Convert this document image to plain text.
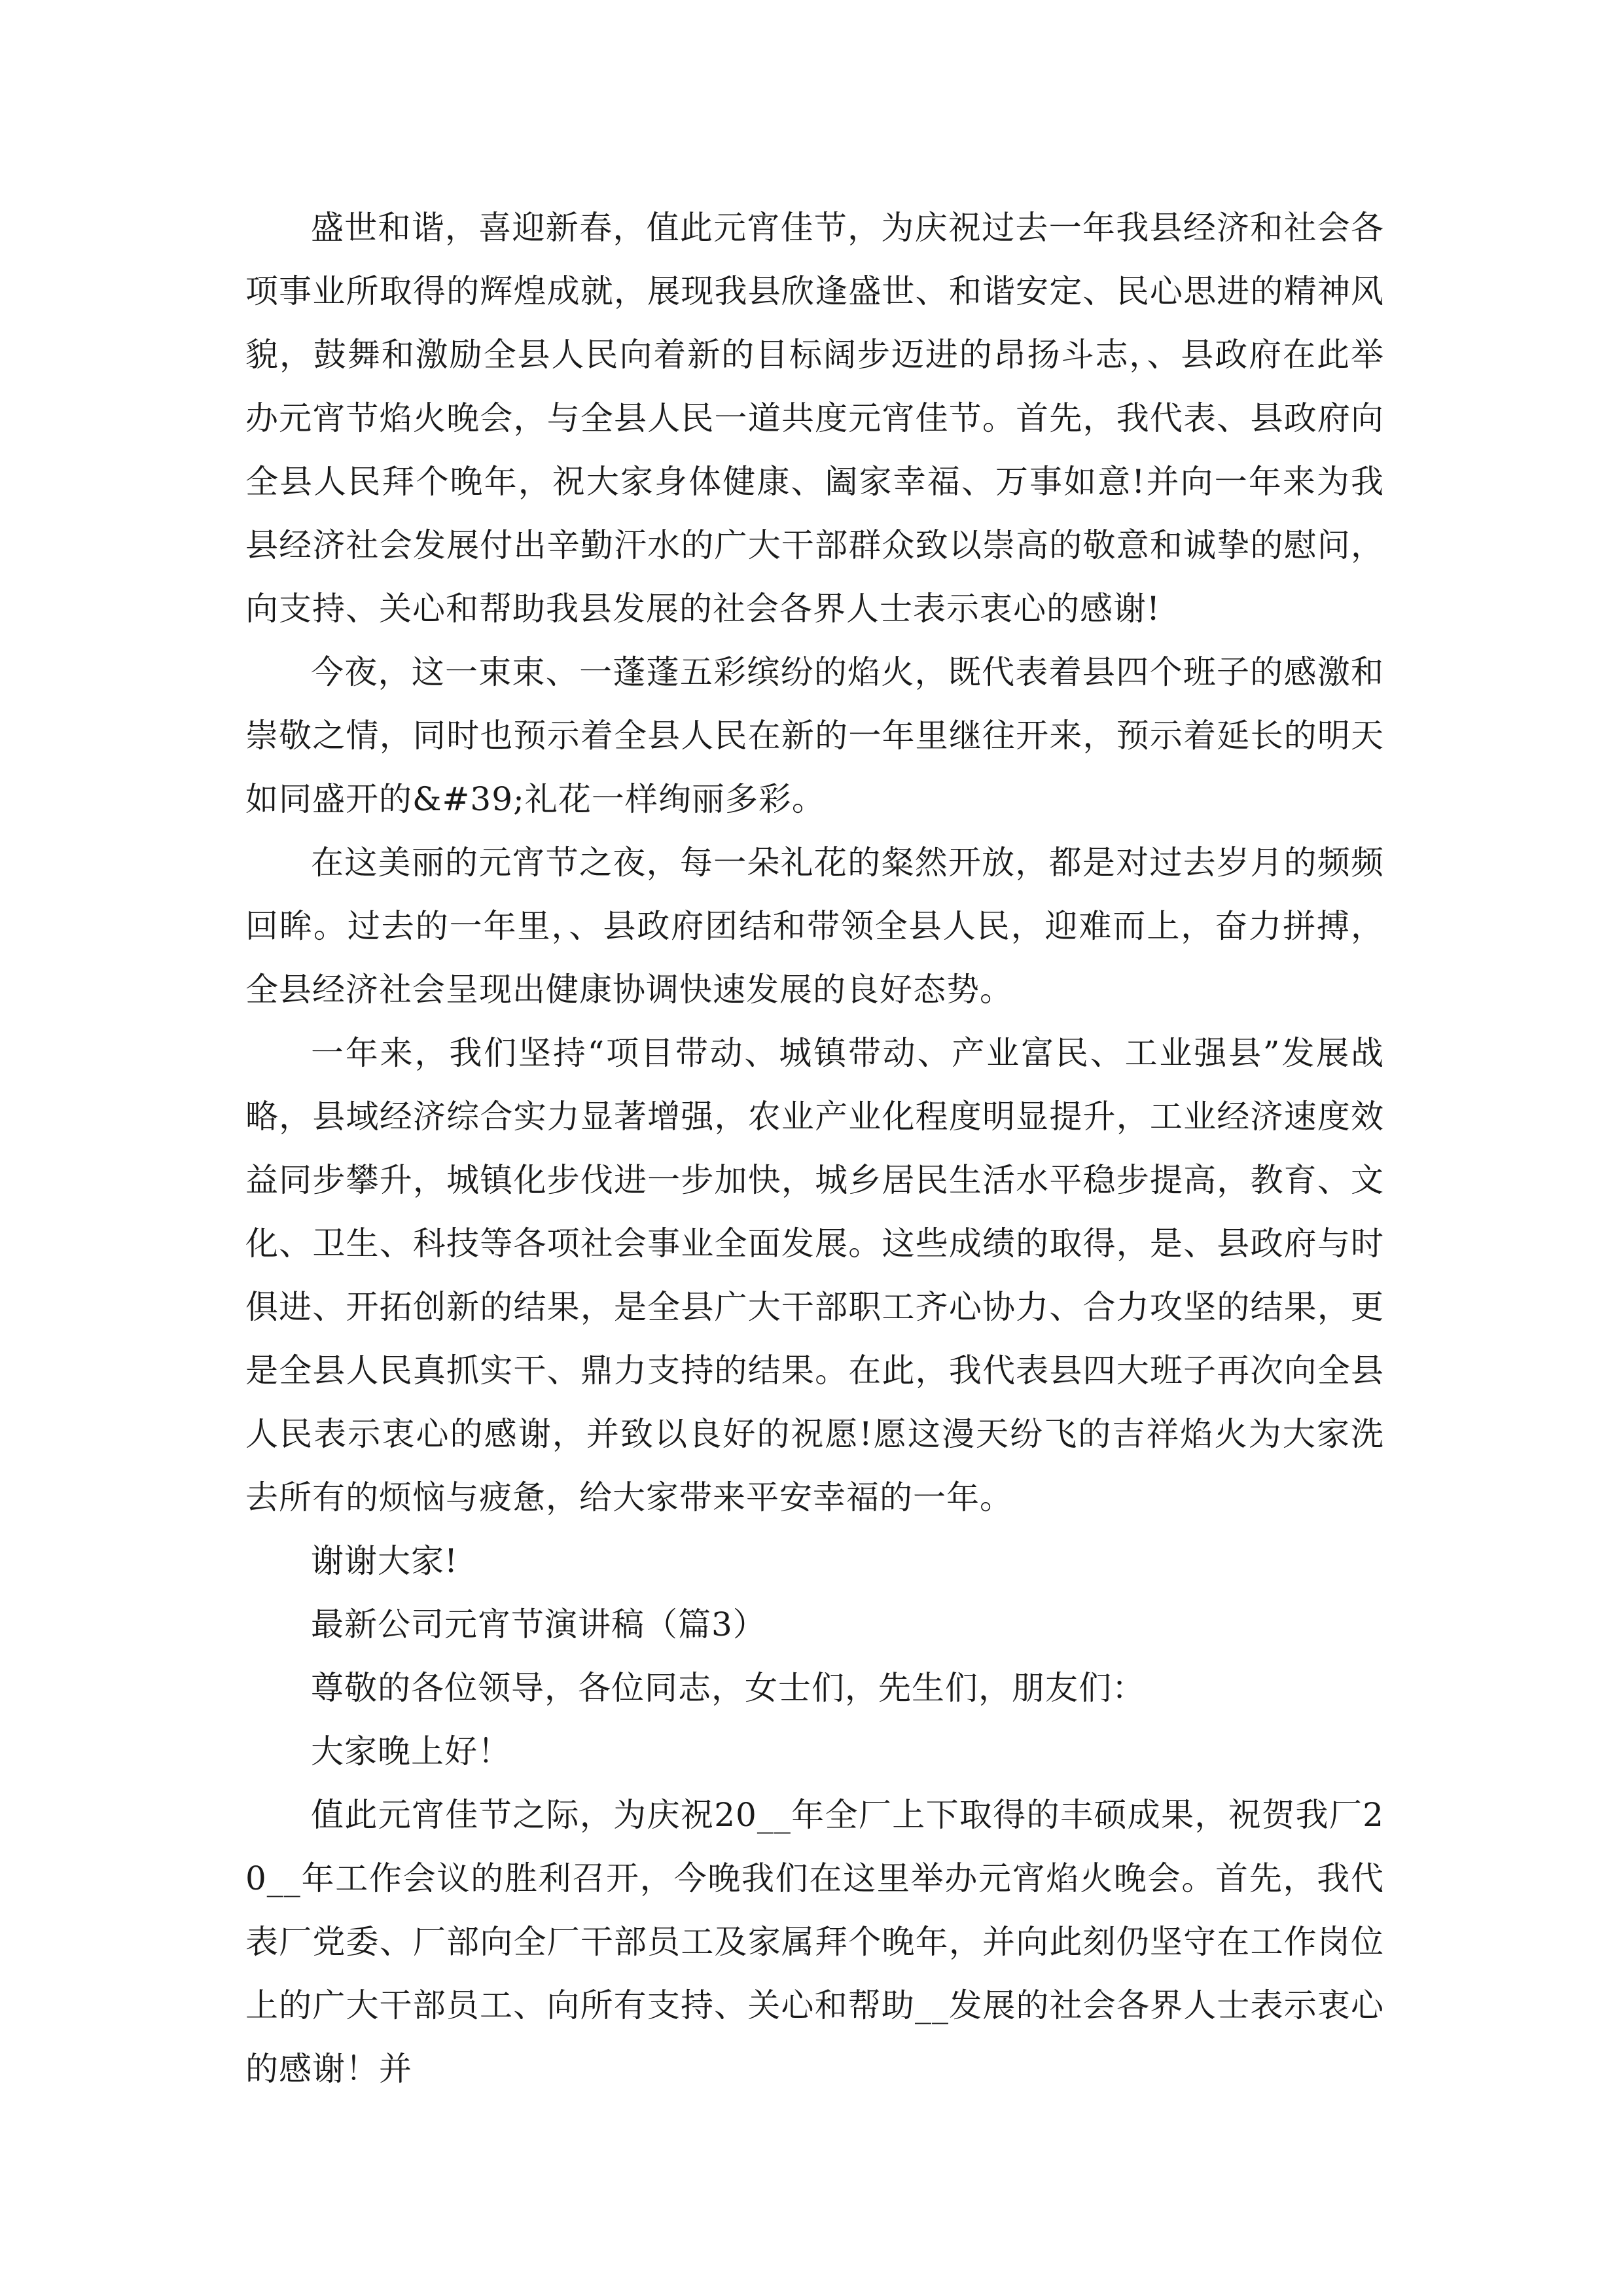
盛世和谐，喜迎新春，值此元宵佳节，为庆祝过去一年我县经济和社会各项事业所取得的辉煌成就，展现我县欣逢盛世、和谐安定、民心思进的精神风貌，鼓舞和激励全县人民向着新的目标阔步迈进的昂扬斗志，、县政府在此举办元宵节焰火晚会，与全县人民一道共度元宵佳节。首先，我代表、县政府向全县人民拜个晚年，祝大家身体健康、阖家幸福、万事如意!并向一年来为我县经济社会发展付出辛勤汗水的广大干部群众致以崇高的敬意和诚挚的慰问，向支持、关心和帮助我县发展的社会各界人士表示衷心的感谢!

今夜，这一束束、一蓬蓬五彩缤纷的焰火，既代表着县四个班子的感激和崇敬之情，同时也预示着全县人民在新的一年里继往开来，预示着延长的明天如同盛开的&#39;礼花一样绚丽多彩。

在这美丽的元宵节之夜，每一朵礼花的粲然开放，都是对过去岁月的频频回眸。过去的一年里，、县政府团结和带领全县人民，迎难而上，奋力拼搏，全县经济社会呈现出健康协调快速发展的良好态势。

一年来，我们坚持“项目带动、城镇带动、产业富民、工业强县”发展战略，县域经济综合实力显著增强，农业产业化程度明显提升，工业经济速度效益同步攀升，城镇化步伐进一步加快，城乡居民生活水平稳步提高，教育、文化、卫生、科技等各项社会事业全面发展。这些成绩的取得，是、县政府与时俱进、开拓创新的结果，是全县广大干部职工齐心协力、合力攻坚的结果，更是全县人民真抓实干、鼎力支持的结果。在此，我代表县四大班子再次向全县人民表示衷心的感谢，并致以良好的祝愿!愿这漫天纷飞的吉祥焰火为大家洗去所有的烦恼与疲惫，给大家带来平安幸福的一年。

谢谢大家!

最新公司元宵节演讲稿（篇3）

尊敬的各位领导，各位同志，女士们，先生们，朋友们：

大家晚上好！

值此元宵佳节之际，为庆祝20__年全厂上下取得的丰硕成果，祝贺我厂20__年工作会议的胜利召开，今晚我们在这里举办元宵焰火晚会。首先，我代表厂党委、厂部向全厂干部员工及家属拜个晚年，并向此刻仍坚守在工作岗位上的广大干部员工、向所有支持、关心和帮助__发展的社会各界人士表示衷心的感谢！并
